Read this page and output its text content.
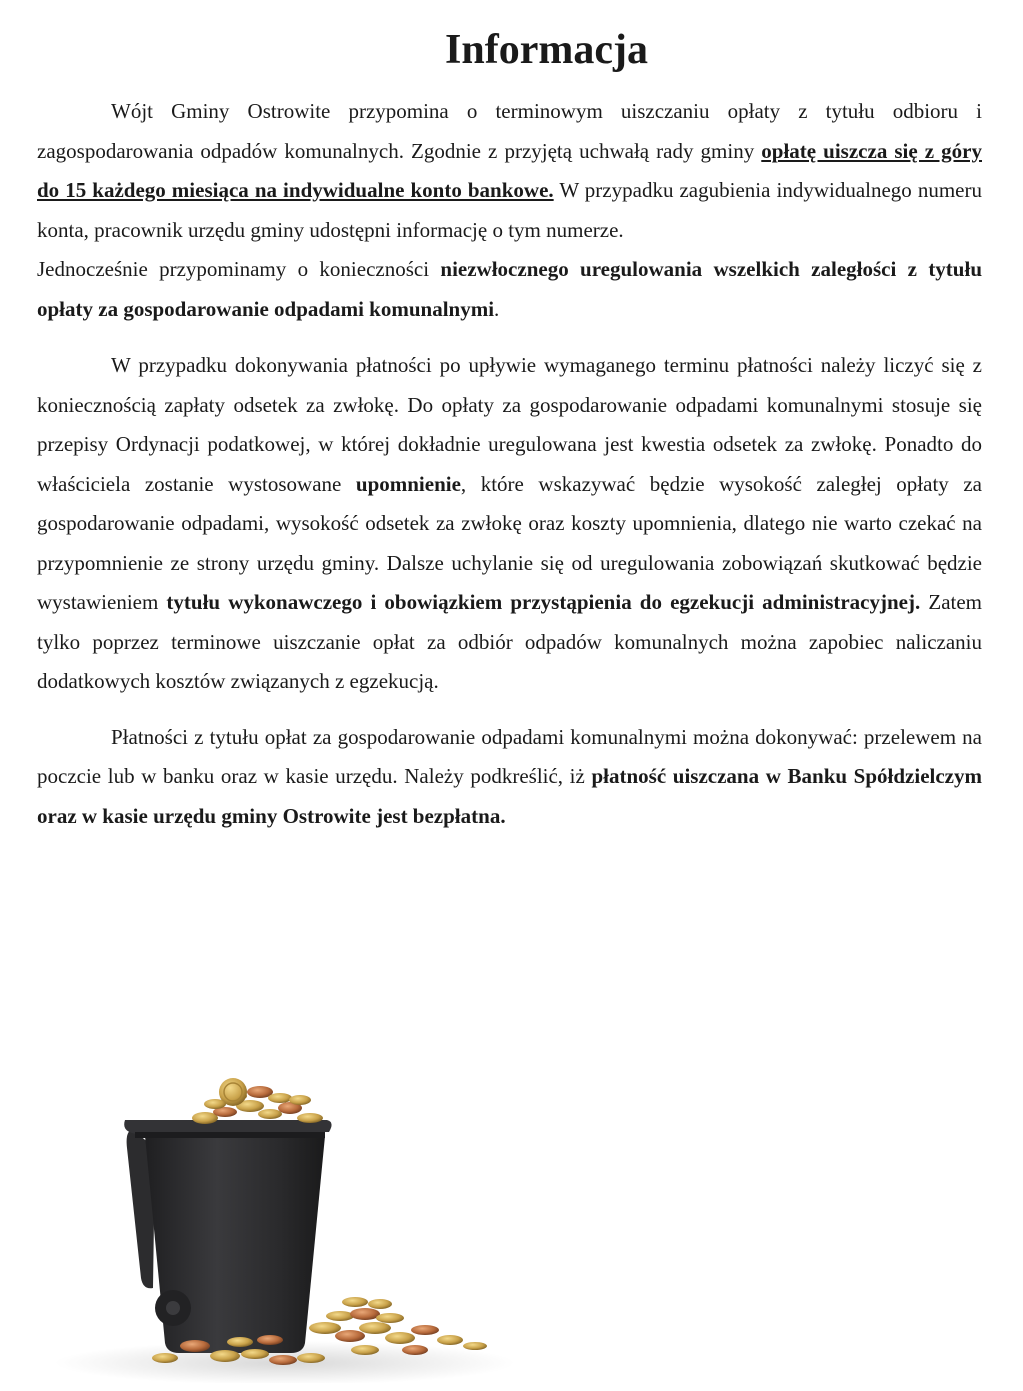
Informacja

Wójt Gminy Ostrowite przypomina o terminowym uiszczaniu opłaty z tytułu odbioru i zagospodarowania odpadów komunalnych. Zgodnie z przyjętą uchwałą rady gminy opłatę uiszcza się z góry do 15 każdego miesiąca na indywidualne konto bankowe. W przypadku zagubienia indywidualnego numeru konta, pracownik urzędu gminy udostępni informację o tym numerze.
Jednocześnie przypominamy o konieczności niezwłocznego uregulowania wszelkich zaległości z tytułu opłaty za gospodarowanie odpadami komunalnymi.

W przypadku dokonywania płatności po upływie wymaganego terminu płatności należy liczyć się z koniecznością zapłaty odsetek za zwłokę. Do opłaty za gospodarowanie odpadami komunalnymi stosuje się przepisy Ordynacji podatkowej, w której dokładnie uregulowana jest kwestia odsetek za zwłokę. Ponadto do właściciela zostanie wystosowane upomnienie, które wskazywać będzie wysokość zaległej opłaty za gospodarowanie odpadami, wysokość odsetek za zwłokę oraz koszty upomnienia, dlatego nie warto czekać na przypomnienie ze strony urzędu gminy. Dalsze uchylanie się od uregulowania zobowiązań skutkować będzie wystawieniem tytułu wykonawczego i obowiązkiem przystąpienia do egzekucji administracyjnej. Zatem tylko poprzez terminowe uiszczanie opłat za odbiór odpadów komunalnych można zapobiec naliczaniu dodatkowych kosztów związanych z egzekucją.

Płatności z tytułu opłat za gospodarowanie odpadami komunalnymi można dokonywać: przelewem na poczcie lub w banku oraz w kasie urzędu. Należy podkreślić, iż płatność uiszczana w Banku Spółdzielczym oraz w kasie urzędu gminy Ostrowite jest bezpłatna.
